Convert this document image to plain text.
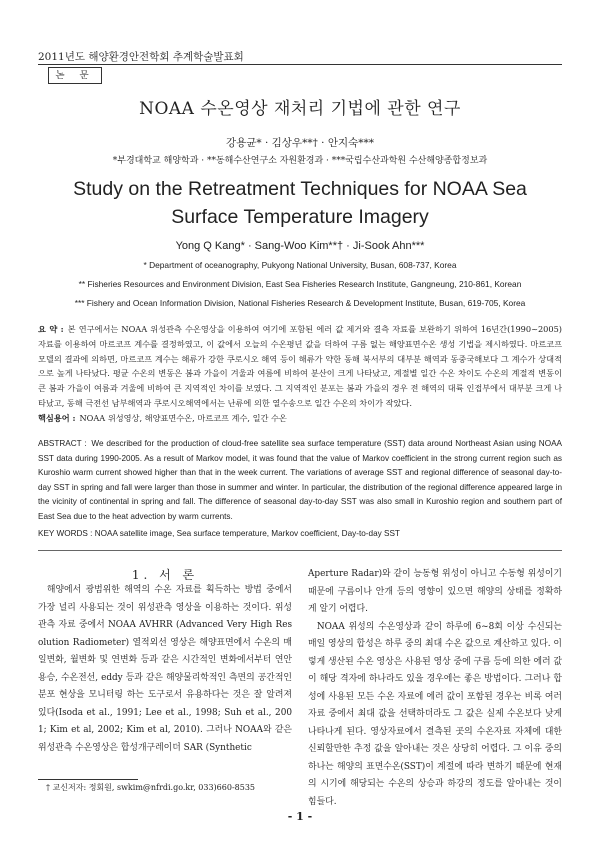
2011년도 해양환경안전학회 추계학술발표회
논 문
NOAA 수온영상 재처리 기법에 관한 연구
강용균* · 김상우**† · 안지숙***
*부경대학교 해양학과 · **동해수산연구소 자원환경과 · ***국립수산과학원 수산해양종합정보과
Study on the Retreatment Techniques for NOAA Sea Surface Temperature Imagery
Yong Q Kang* · Sang-Woo Kim**† · Ji-Sook Ahn***
* Department of oceanography, Pukyong National University, Busan, 608-737, Korea
** Fisheries Resources and Environment Division, East Sea Fisheries Research Institute, Gangneung, 210-861, Korean
*** Fishery and Ocean Information Division, National Fisheries Research & Development Institute, Busan, 619-705, Korea
요 약 : 본 연구에서는 NOAA 위성관측 수온영상을 이용하여 여기에 포함된 에러 값 제거와 결측 자료를 보완하기 위하여 16년간(1990~2005) 자료를 이용하여 마르코프 계수를 결정하였고, 이 값에서 오늘의 수온평년 값을 더하여 구름 없는 해양표면수온 생성 기법을 제시하였다. 마르코프 모델의 결과에 의하면, 마르코프 계수는 해류가 강한 쿠로시오 해역 등이 해류가 약한 동해 북서부의 대부분 해역과 동중국해보다 그 계수가 상대적으로 높게 나타났다. 평균 수온의 변동은 봄과 가을이 겨울과 여름에 비하여 분산이 크게 나타났고, 계절별 일간 수온 차이도 수온의 계절적 변동이 큰 봄과 가을이 여름과 겨울에 비하여 큰 지역적인 차이를 보였다. 그 지역적인 분포는 봄과 가을의 경우 전 해역의 대륙 인접부에서 대부분 크게 나타났고, 동해 극전선 남부해역과 쿠로시오해역에서는 난류에 의한 열수송으로 일간 수온의 차이가 작았다.
핵심용어 : NOAA 위성영상, 해양표면수온, 마르코프 계수, 일간 수온
ABSTRACT : We described for the production of cloud-free satellite sea surface temperature (SST) data around Northeast Asian using NOAA SST data during 1990-2005. As a result of Markov model, it was found that the value of Markov coefficient in the strong current region such as Kuroshio warm current showed higher than that in the week current. The variations of average SST and regional difference of seasonal day-to-day SST in spring and fall were larger than those in summer and winter. In particular, the distribution of the regional difference appeared large in the vicinity of continental in spring and fall. The difference of seasonal day-to-day SST was also small in Kuroshio region and southern part of East Sea due to the heat advection by warm currents.
KEY WORDS : NOAA satellite image, Sea surface temperature, Markov coefficient, Day-to-day SST
1. 서 론

해양에서 광범위한 해역의 수온 자료를 획득하는 방법 중에서 가장 널리 사용되는 것이 위성관측 영상을 이용하는 것이다. 위성관측 자료 중에서 NOAA AVHRR (Advanced Very High Resolution Radiometer) 열적외선 영상은 해양표면에서 수온의 매일변화, 월변화 및 연변화 등과 같은 시간적인 변화에서부터 연안용승, 수온전선, eddy 등과 같은 해양물리학적인 측면의 공간적인 분포 현상을 모니터링 하는 도구로서 유용하다는 것은 잘 알려져 있다(Isoda et al., 1991; Lee et al., 1998; Suh et al., 2001; Kim et al, 2002; Kim et al, 2010). 그러나 NOAA와 같은 위성관측 수온영상은 합성개구레이더 SAR (Synthetic

Aperture Radar)와 같이 능동형 위성이 아니고 수동형 위성이기 때문에 구름이나 안개 등의 영향이 있으면 해양의 상태를 정확하게 알기 어렵다.

NOAA 위성의 수온영상과 같이 하루에 6~8회 이상 수신되는 매일 영상의 합성은 하루 중의 최대 수온 값으로 계산하고 있다. 이렇게 생산된 수온 영상은 사용된 영상 중에 구름 등에 의한 에러 값이 해당 격자에 하나라도 있을 경우에는 좋은 방법이다. 그러나 합성에 사용된 모든 수온 자료에 에러 값이 포함된 경우는 비록 여러 자료 중에서 최대 값을 선택하더라도 그 값은 실제 수온보다 낮게 나타나게 된다. 영상자료에서 결측된 곳의 수온자료 자체에 대한 신뢰할만한 추정 값을 알아내는 것은 상당히 어렵다. 그 이유 중의 하나는 해양의 표면수온(SST)이 계절에 따라 변하기 때문에 현재의 시기에 해당되는 수온의 상승과 하강의 정도를 알아내는 것이 힘들다.

† 교신저자: 정회원, swkim@nfrdi.go.kr, 033)660-8535
- 1 -
